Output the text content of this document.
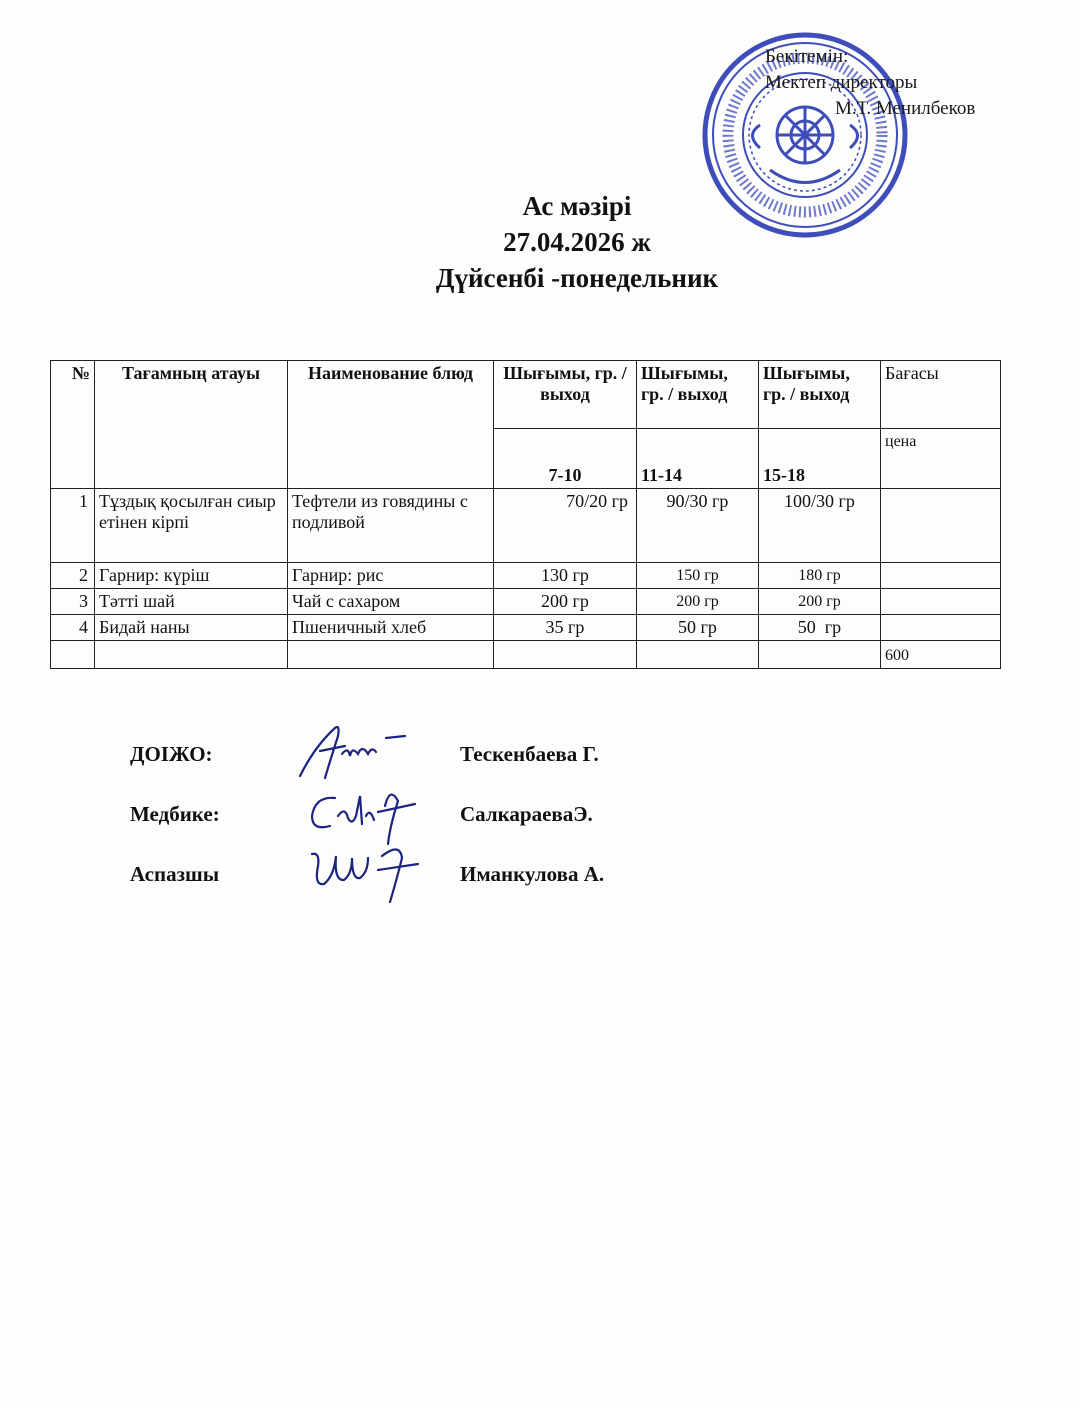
Бекітемін:
Мектеп директоры
М.Т. Менилбеков
Ас мәзірі
27.04.2026 ж
Дүйсенбі -понедельник
№	Тағамның атауы	Наименование блюд	Шығымы, гр. / выход	Шығымы, гр. / выход	Шығымы, гр. / выход	Бағасы
			7-10	11-14	15-18	цена
1	Тұздық қосылған сиыр етінен кірпі	Тефтели из говядины с подливой	70/20 гр	90/30 гр	100/30 гр	
2	Гарнир: күріш	Гарнир: рис	130 гр	150 гр	180 гр	
3	Тәтті шай	Чай с сахаром	200 гр	200 гр	200 гр	
4	Бидай наны	Пшеничный хлеб	35 гр	50 гр	50  гр	
						600
ДОІЖО:	Тескенбаева Г.
Медбике:	СалкараеваЭ.
Аспазшы	Иманкулова А.
